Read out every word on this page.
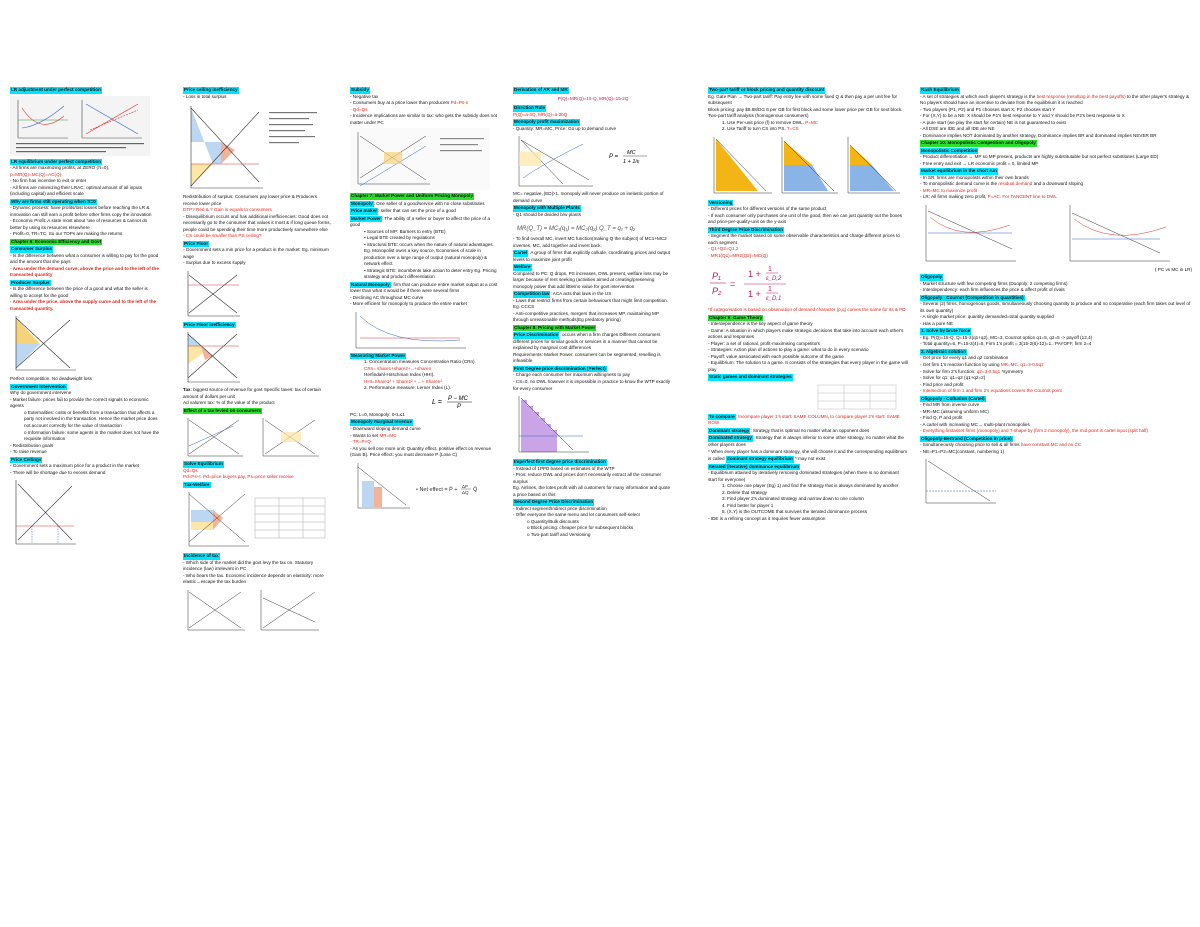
LR adjustment under perfect competition
LR equilibrium under perfect competition
- All firms are maximizing profits, at ZERO (π=0),
p=MR(Q)=MC(Q)=AC(Q)
- No firm has incentive to exit or enter
- All firms are minimizing their LRAC: optimal amount of all inputs (including capital) and efficient scale
Why are firms still operating when π=0
- Dynamic process: have profits/lost losses before reaching the LR & innovation can still earn a profit before other firms copy the innovation
- Economic Profit: A state most about 'use of resources & cannot do better by using its resources elsewhere
- Profit=0, TR=TC. So our TOPs are making the returns
Chapter 6: Economic Efficiency and Govt
Consumer Surplus
- Is the difference between what a consumer is willing to pay for the good and the amount that she pays
- Area under the demand curve, above the price and to the left of the transacted quantity
Producer Surplus
- Is the difference between the price of a good and what the seller is willing to accept for the good
- Area under the price, above the supply curve and to the left of the transacted quantity.
Perfect competition. No deadweight loss
Government Intervention
Why do government intervene
- Market failure: prices fail to provide the correct signals to economic agents
o Externalities: costs or benefits from a transaction that affects a party not involved in the transaction. Hence the market price does not account correctly for the value of transaction
o Information failure: some agents in the market does not have the requisite information
- Redistribution goals
- To raise revenue
Price Ceilings
- Government sets a maximum price for a product in the market
- There will be shortage due to excess demand
Price ceiling inefficiency
- Loss in total surplus
Redistribution of surplus: Consumers pay lower price & Producers receive lower price
DTP? Red & ? Gain is equals to consumers
- Disequilibrium occurs and has additional inefficiencies: Good does not necessarily go to the consumer that values it most & if long queue forms, people could be spending their time more productively somewhere else
- CS could be smaller than PS ceiling?
Price Floor
- Government sets a min price for a product in the market: Eg. minimum wage
- Surplus due to excess supply
Price Floor inefficiency
Tax: biggest source of revenue for govt Specific taxes: tax of certain amount of dollars per unit
Ad valorem tax: % of the value of the product
Effect of a tax levied on consumers
Solve Equilibrium
Qd=Qs
Pd=Ps+t. Pd=price buyers pay, Ps=price seller receive
Tax-Welfare
Incidence of tax
- Which side of the market did the govt levy the tax on. Statutory incidence (law) irrelevant in PC
- Who bears the tax. Economic incidence depends on elasticity: more elastic→escape the tax burden
Subsidy
- Negative tax
- Consumers buy at a price lower than producers Pd=Ps-s
- Qd=Qs
- Incidence implications are similar to tax: who gets the subsidy does not matter under PC
Chapter 7: Market Power and Uniform Pricing Monopoly
Monopoly: One seller of a good/service with no close substitutes
Price maker: seller that can set the price of a good
Market Power: The ability of a seller or buyer to affect the price of a good
▪ Sources of MP: Barriers to entry (BTE)
▪ Legal BTE created by regulations
▪ Structural BTE: occurs when the nature of natural advantages. Eg. Monopolist owns a key source, Economies of scale in production over a large range of output (natural monopoly) & network effect
▪ Strategic BTE: incumbents take action to deter entry Eg. Pricing strategy and product differentiation
Natural Monopoly: firm that can produce entire market output at a cost lower than what it would be if there were several firms
- Declining AC throughout MC curve
- More efficient for monopoly to produce the entire market
Measuring Market Power
1. Concentration measures Concentration Ratio (CRn).
CRn= share1+share2+...+sharen
Herfindahl-Hirschman Index (HHI).
HHI=Share1² + Share2² + ...+ Sharen²
2. Performance measure: Lerner Index (L).
L = P − MC
P
PC: L=0, Monopoly: 0<L≤1
Monopoly marginal revenue
- Downward sloping demand curve
- Wants to set MR=MC
- TR=P×Q
- As you sell one more unit: Quantity effect, positive effect on revenue (Gain B). Price effect: you must decrease P (Lose C)
• Net effect = P̄ +
ΔP
ΔQ Q̄
Derivation of AR and MR
P(Q)=MR(Q)=15-Q, MR(Q)=15-2Q
Direction Rule
P(Q)=a-bQ, MR(Q)=a-2bQ
Monopoly profit maximization
- Quantity: MR=MC, Price: Go up to demand curve
P =
MC
1 + 1/ε
MC= negative, |ED|>1, monopoly will never produce on inelastic portion of demand curve
Monopoly with Multiple Plants
- Q1 should be divided b/w plants
MR(Q_T) = MC₁(q₁) = MC₂(q₂) Q_T = q₁ + q₂
- To find overall MC, invert MC function(making Q the subject) of MC1+MC2 inverses. MC, add together and invert back.
Cartel: A group of firms that explicitly collude, coordinating prices and output levels to maximize joint profit
Welfare
Compared to PC: Q drops, PS increases, DWL present, welfare loss may be larger because of rent seeking (activities aimed at creating/preserving monopoly power that add little/no value for govt intervention
Competition law: ACA acts that laws in the US
- Laws that restrict firms from certain behaviours that might limit competition. Eg. CCCS
- Anti-competitive practices, mergers that increases MP, maintaining MP through unreasonable methods(Eg predatory pricing)
Chapter 8: Pricing with Market Power
Price Discrimination: occurs when a firm charges Different consumers different prices for similar goods or services in a manner that cannot be explained by marginal cost differences
Requirements: Market Power, consumers can be segmented, reselling is infeasible
First Degree price discrimination (Perfect)
- Charge each consumer her maximum willingness to pay
- CS=0, no DWL however it is impossible in practice to know the WTP exactly for every consumer
Imperfect first degree price discrimination
- Instead of 1PPD based on estimates of the WTP
- Pros: reduce DWL and prices don't necessarily extract all the consumer surplus
Eg. Airlines, the lotes profit with all customers for many information and quote a price based on this
Second Degree Price Discrimination
- Indirect segment/Indirect price discrimination
- Offer everyone the same menu and let consumers self-select
o Quantity/Bulk discounts
o Block pricing: cheaper price for subsequent blocks
o Two-part tariff and Versioning
Two-part tariff or block pricing and quantity discount
Eg. Gate Plan → Two-part tariff: Pay entry fee with some fixed Q & then pay a per unit fee for subsequent
Block pricing: pay $8.88/DG 6 per GB for first block and some lower price per GB for next block.
Two-part tariff analysis (homogenous consumers)
1. Use Per-unit price (f) to remove DWL. P=MC
2. Use Tariff to turn CS into PS. T=CS
Versioning
- Different prices for different versions of the same product
- If each consumer only purchases one unit of the good, then we can just quantity out the boxes and price-per-quality-unit on the y-axis
Third Degree Price Discrimination
- Segment the market based on some observable characteristics and charge different prices to each segment
- Q1+Q2=Q1,2
- MR1(Q1)=MR2(Q2)=MC(Q)
P₁
P₂
=
1 + 1
ε_D,2
1 + 1
ε_D,1
*If categorisation is based on observation of demand character (p,q) comes the same for its & PD
Chapter 9: Game Theory
- Interdependence is the key aspect of game theory
- Game: A situation in which players make strategic decisions that take into account each other's actions and responses
- Player: a set of rational, profit-maximising competitors
- Strategies: Action plan of actions to play a game: what to do in every scenario
- Payoff: value associated with each possible outcome of the game
- Equilibrium: The solution to a game. It consists of the strategies that every player in the game will play
Static games and dominant strategies
To compare: Incompare player 1's start: SAME COLUMN, to compare player 2's start: SAME ROW
Dominant strategy: Strategy that is optimal no matter what an opponent does
Dominated strategy: Strategy that is always inferior to some other strategy, no matter what the other players does
* When every player has a dominant strategy, she will choose it and the corresponding equilibrium is called dominant strategy equilibrium * may not exist
Iterated (iterative) dominance equilibrium
- Equilibrium attained by iteratively removing dominated strategies (when there is no dominant start for everyone)
1. Choose one player (Eg) 1) and find the strategy that is always dominated by another
2. Delete that strategy
3. Find player 2's dominated strategy and narrow down to one column
4. Find better for player 1
5. (X,Y) is the OUTCOME that survives the iterated dominance process
- IDE is a refining concept as it requires fewer assumption
Nash Equilibrium
- A set of strategies at which each player's strategy is the best response (resulting in the best payoffs) to the other player's strategy & No players should have an incentive to deviate from the equilibrium it is reached
- Two players (P1, P2) and P1 chooses start X, P2 chooses start Y
- For (X,Y) to be a NE: X should be P1's best response to Y and Y should be P2's best response to X
- A pure start (we play the start for certain) NE is not guaranteed to exist
- All DSE are IDE and all IDE are NE
- Dominance implies NOT dominated by another strategy, Dominance implies BR and dominated implies NEVER BR
Chapter 10: Monopolistic Competition and Oligopoly
Monopolistic Competition
- Product differentiation → MP so MP present, products are highly substitutable but not perfect substitutes (Large ED)
- Free entry and exit → LR economic profit = 0, limited MP
Market equilibrium in the short run
- In SR, firms are monopolists within their own brands
- To monopolistic demand curve is the residual demand and a downward sloping
- MR=MC to maximize profit
- LR: All firms making zero profit, P=AC. For TANGENT line to DWL
( PC vs MC in LR)
Oligopoly
- Market structure with few competing firms (Duopoly: 2 competing firms)
- Interdependency: each firm influences the price & affect profit of rivals
Oligopoly - Cournot (Competition in quantities)
- Several (2) firms, homogenous goods, simultaneously choosing quantity to produce and no cooperative (each firm takes out level of its own quantity)
- A single market price: quantity demanded=total quantity supplied
- Has a pure NE
1. Solve by brute force
- Eg. P(Q)=15-Q, Q=15-2(q1+q2), MC=3, Cournot option q1=5, q2=5 -> payoff (12,4)
- Total quantity=6, P=15-2(4)=5, Firm 1's profit = 3(15-2(6)-12)=1.. PAYOFF, firm 2=4
2. Algebraic solution
- Get price for every q1 and q2 combination
- Get firm 1's reaction function by using MR=MC, q1=3-0.5q2
- Solve for firm 2's function: q2=3-0.5q1 *symmetry
- Solve for q1: q1=q2 (q1+q2=2)
- Find price and profit
- Intersection of firm 1 and firm 2's equations covers the Cournot point
Oligopoly - Collusion (Cartel)
- Find MR from inverse curve
- MR=MC (assuming uniform MC)
- Find Q, P and profit
- A cartel with increasing MC→ multi-plant monopolies
- Everything firstasset firms (monopoly) and T-shape by (firm 2 monopoly), the mid point is cartel input (split half)
Oligopoly-Bertrand (Competition in price)
- Simultaneously choosing price to sell & all firms have constant MC and no CC
- NE=P1=P2=MC(constant, numbering 1)
